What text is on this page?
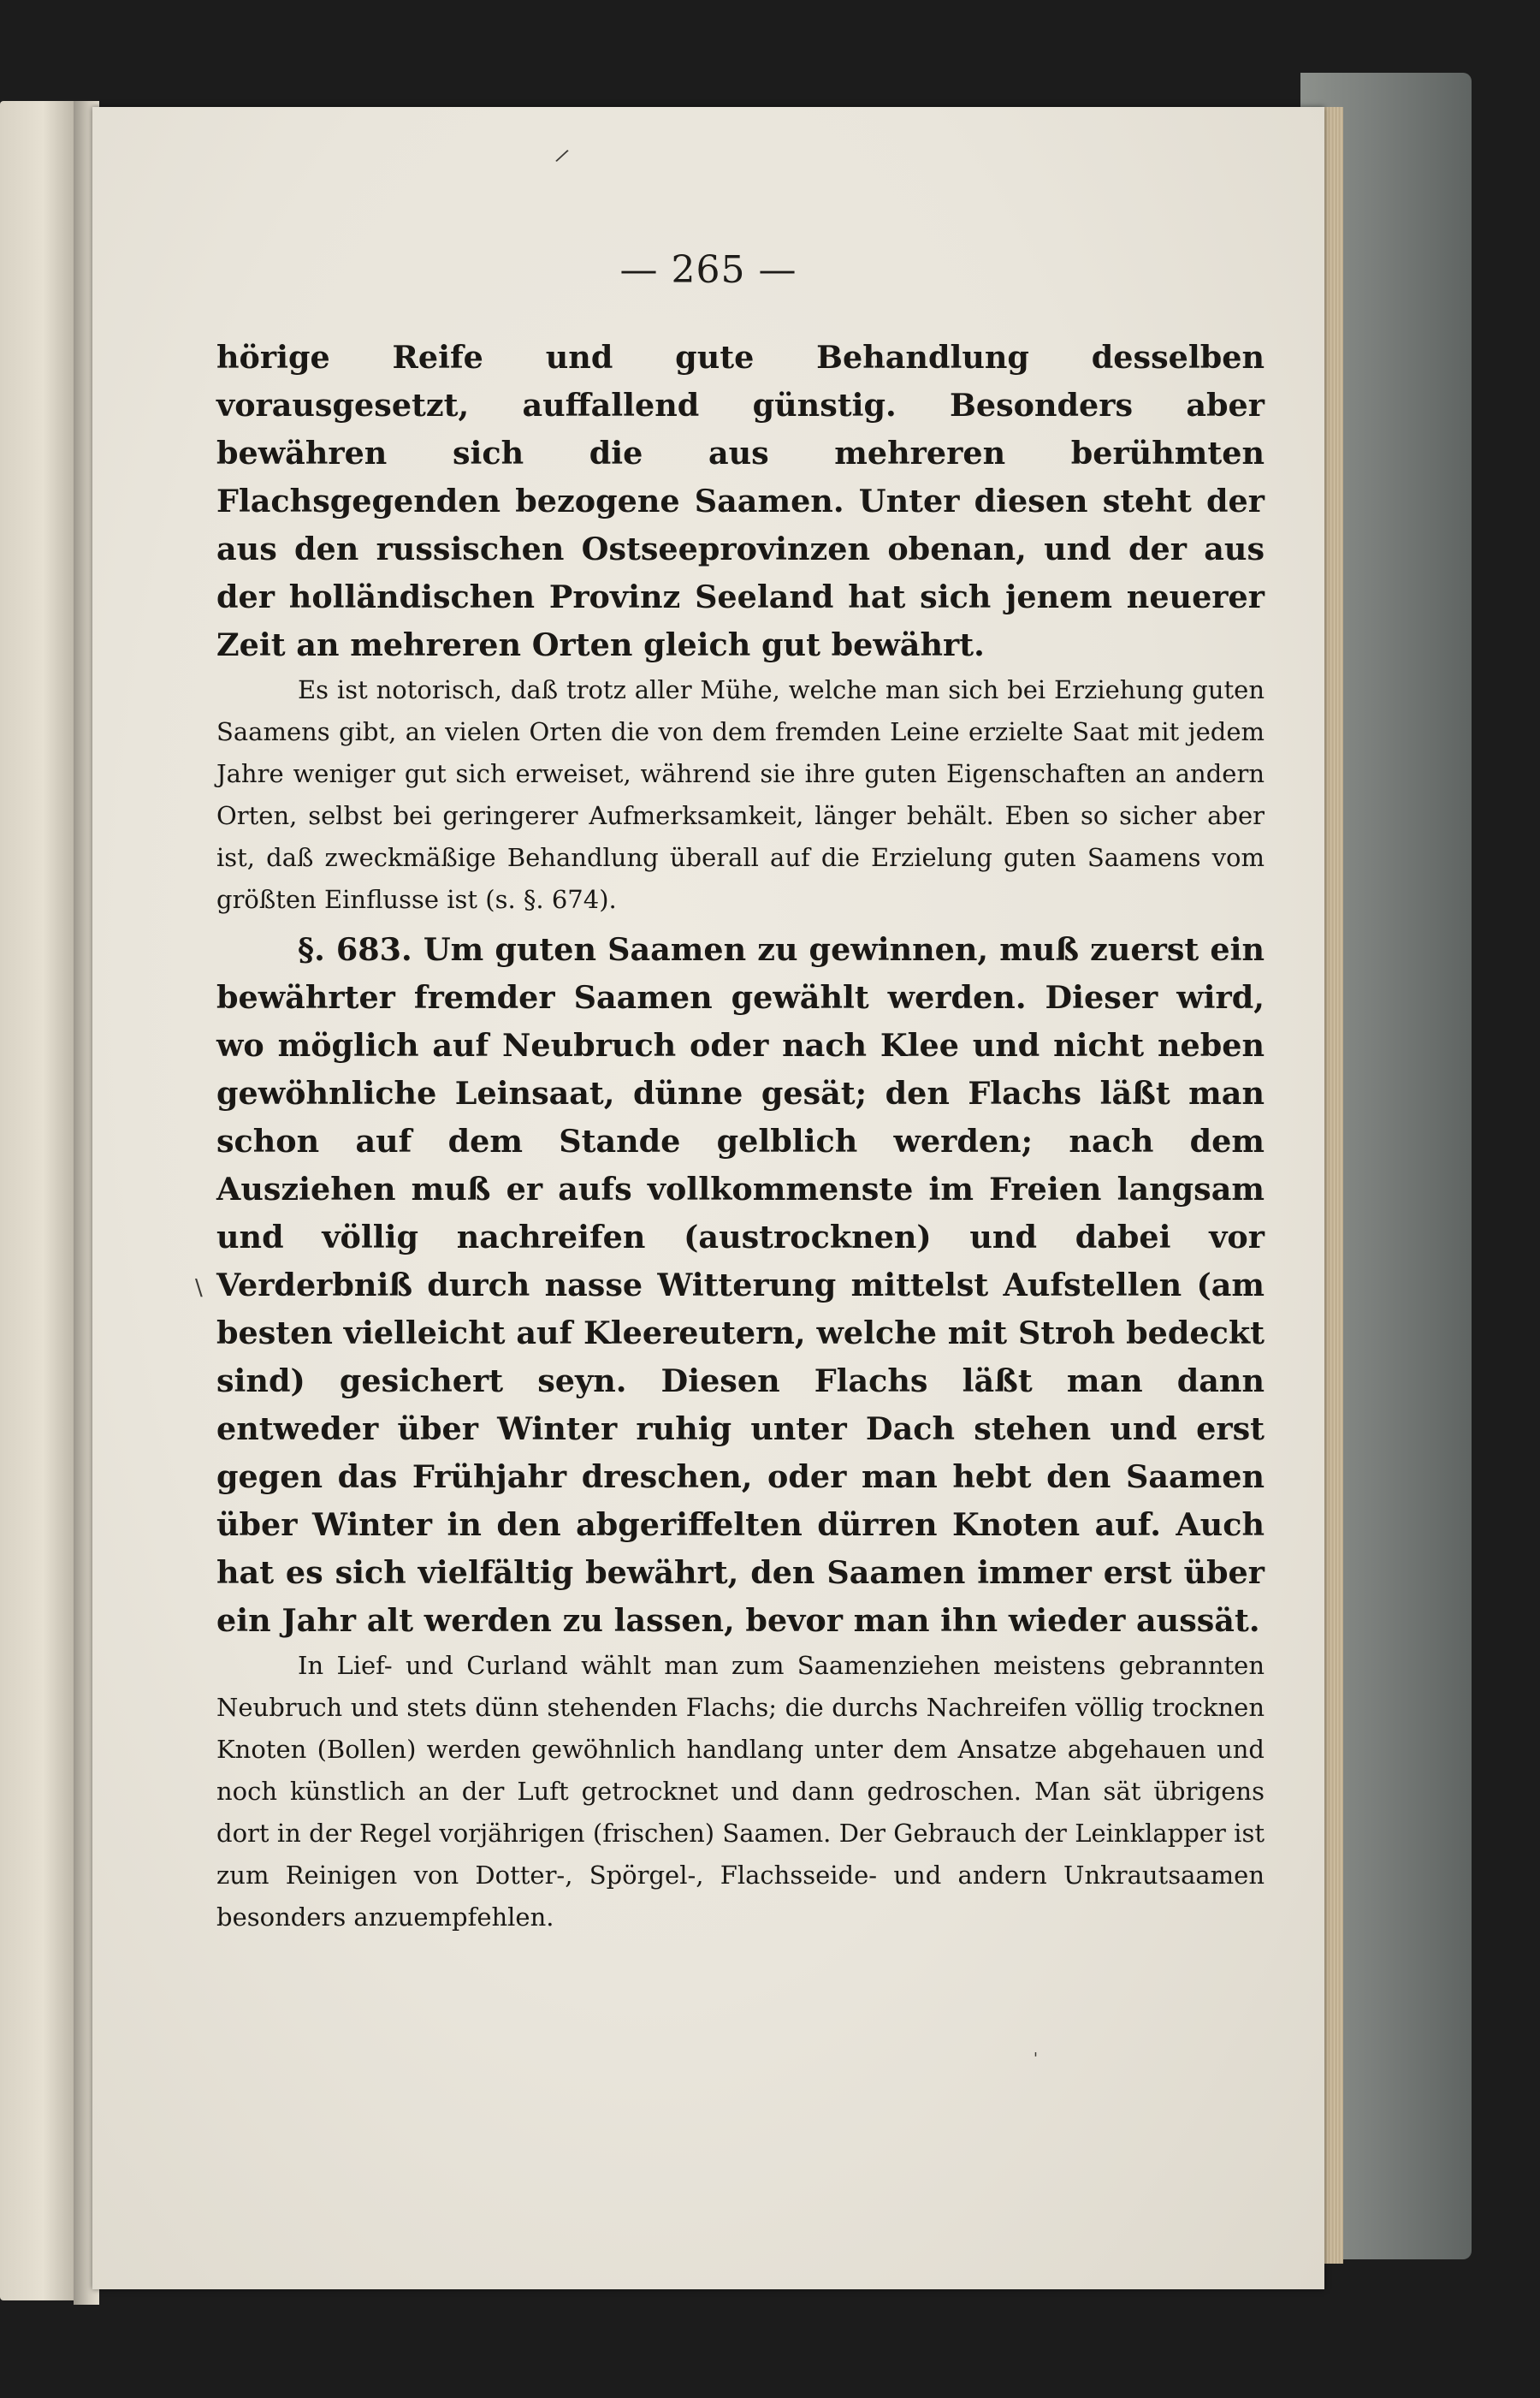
/
\
— 265 —

hörige Reife und gute Behandlung desselben vorausgesetzt, auffallend günstig. Besonders aber bewähren sich die aus mehreren berühmten Flachsgegenden bezogene Saamen. Unter diesen steht der aus den russischen Ostseeprovinzen obenan, und der aus der holländischen Provinz Seeland hat sich jenem neuerer Zeit an mehreren Orten gleich gut bewährt.

Es ist notorisch, daß trotz aller Mühe, welche man sich bei Erziehung guten Saamens gibt, an vielen Orten die von dem fremden Leine erzielte Saat mit jedem Jahre weniger gut sich erweiset, während sie ihre guten Eigenschaften an andern Orten, selbst bei geringerer Aufmerksamkeit, länger behält. Eben so sicher aber ist, daß zweckmäßige Behandlung überall auf die Erzielung guten Saamens vom größten Einflusse ist (s. §. 674).

§. 683. Um guten Saamen zu gewinnen, muß zuerst ein bewährter fremder Saamen gewählt werden. Dieser wird, wo möglich auf Neubruch oder nach Klee und nicht neben gewöhnliche Leinsaat, dünne gesät; den Flachs läßt man schon auf dem Stande gelblich werden; nach dem Ausziehen muß er aufs vollkommenste im Freien langsam und völlig nachreifen (austrocknen) und dabei vor Verderbniß durch nasse Witterung mittelst Aufstellen (am besten vielleicht auf Kleereutern, welche mit Stroh bedeckt sind) gesichert seyn. Diesen Flachs läßt man dann entweder über Winter ruhig unter Dach stehen und erst gegen das Frühjahr dreschen, oder man hebt den Saamen über Winter in den abgeriffelten dürren Knoten auf. Auch hat es sich vielfältig bewährt, den Saamen immer erst über ein Jahr alt werden zu lassen, bevor man ihn wieder aussät.

In Lief- und Curland wählt man zum Saamenziehen meistens gebrannten Neubruch und stets dünn stehenden Flachs; die durchs Nachreifen völlig trocknen Knoten (Bollen) werden gewöhnlich handlang unter dem Ansatze abgehauen und noch künstlich an der Luft getrocknet und dann gedroschen. Man sät übrigens dort in der Regel vorjährigen (frischen) Saamen. Der Gebrauch der Leinklapper ist zum Reinigen von Dotter-, Spörgel-, Flachsseide- und andern Unkrautsaamen besonders anzuempfehlen.

'
